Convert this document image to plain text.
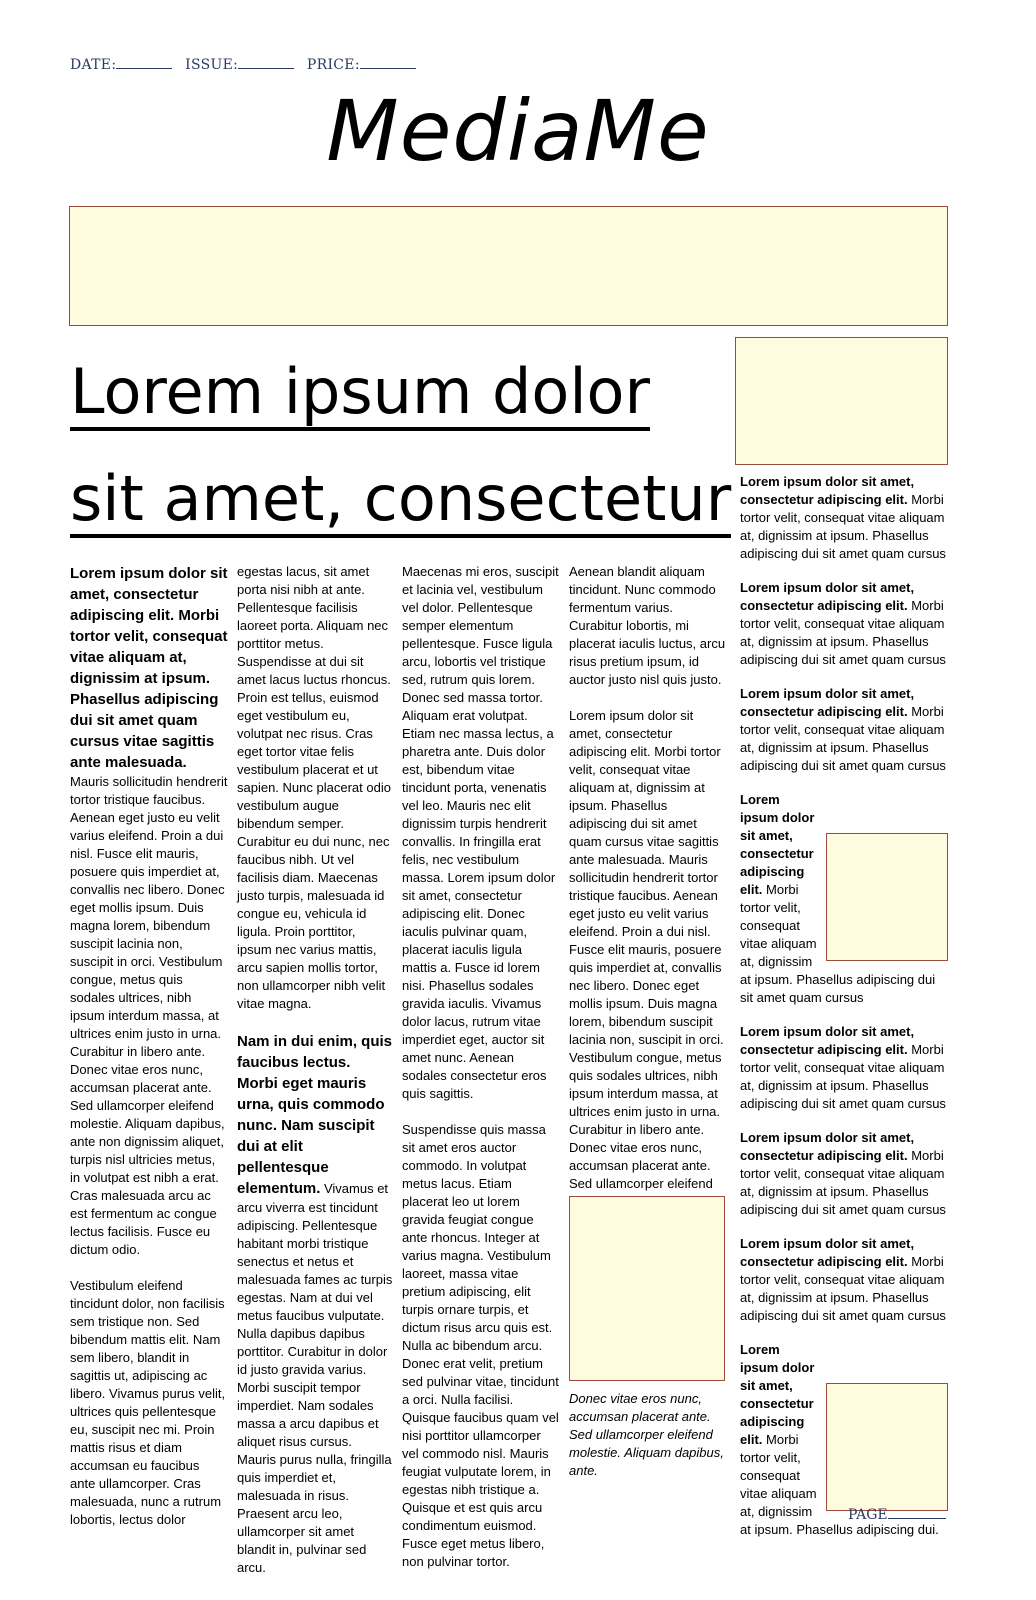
DATE:	ISSUE:	PRICE:
MediaMe
Lorem ipsum dolor
sit amet, consectetur

Lorem ipsum dolor sit amet, consectetur adipiscing elit. Morbi tortor velit, consequat vitae aliquam at, dignissim at ipsum. Phasellus adipiscing dui sit amet quam cursus vitae sagittis ante malesuada. Mauris sollicitudin hendrerit tortor tristique faucibus. Aenean eget justo eu velit varius eleifend. Proin a dui nisl. Fusce elit mauris, posuere quis imperdiet at, convallis nec libero. Donec eget mollis ipsum. Duis magna lorem, bibendum suscipit lacinia non, suscipit in orci. Vestibulum congue, metus quis sodales ultrices, nibh ipsum interdum massa, at ultrices enim justo in urna. Curabitur in libero ante. Donec vitae eros nunc, accumsan placerat ante. Sed ullamcorper eleifend molestie. Aliquam dapibus, ante non dignissim aliquet, turpis nisl ultricies metus, in volutpat est nibh a erat. Cras malesuada arcu ac est fermentum ac congue lectus facilisis. Fusce eu dictum odio.

Vestibulum eleifend tincidunt dolor, non facilisis sem tristique non. Sed bibendum mattis elit. Nam sem libero, blandit in sagittis ut, adipiscing ac libero. Vivamus purus velit, ultrices quis pellentesque eu, suscipit nec mi. Proin mattis risus et diam accumsan eu faucibus ante ullamcorper. Cras malesuada, nunc a rutrum lobortis, lectus dolor

egestas lacus, sit amet porta nisi nibh at ante. Pellentesque facilisis laoreet porta. Aliquam nec porttitor metus. Suspendisse at dui sit amet lacus luctus rhoncus. Proin est tellus, euismod eget vestibulum eu, volutpat nec risus. Cras eget tortor vitae felis vestibulum placerat et ut sapien. Nunc placerat odio vestibulum augue bibendum semper. Curabitur eu dui nunc, nec faucibus nibh. Ut vel facilisis diam. Maecenas justo turpis, malesuada id congue eu, vehicula id ligula. Proin porttitor, ipsum nec varius mattis, arcu sapien mollis tortor, non ullamcorper nibh velit vitae magna.

Nam in dui enim, quis faucibus lectus. Morbi eget mauris urna, quis commodo nunc. Nam suscipit dui at elit pellentesque elementum. Vivamus et arcu viverra est tincidunt adipiscing. Pellentesque habitant morbi tristique senectus et netus et malesuada fames ac turpis egestas. Nam at dui vel metus faucibus vulputate. Nulla dapibus dapibus porttitor. Curabitur in dolor id justo gravida varius. Morbi suscipit tempor imperdiet. Nam sodales massa a arcu dapibus et aliquet risus cursus. Mauris purus nulla, fringilla quis imperdiet et, malesuada in risus. Praesent arcu leo, ullamcorper sit amet blandit in, pulvinar sed arcu.

Maecenas mi eros, suscipit et lacinia vel, vestibulum vel dolor. Pellentesque semper elementum pellentesque. Fusce ligula arcu, lobortis vel tristique sed, rutrum quis lorem. Donec sed massa tortor. Aliquam erat volutpat. Etiam nec massa lectus, a pharetra ante. Duis dolor est, bibendum vitae tincidunt porta, venenatis vel leo. Mauris nec elit dignissim turpis hendrerit convallis. In fringilla erat felis, nec vestibulum massa. Lorem ipsum dolor sit amet, consectetur adipiscing elit. Donec iaculis pulvinar quam, placerat iaculis ligula mattis a. Fusce id lorem nisi. Phasellus sodales gravida iaculis. Vivamus dolor lacus, rutrum vitae imperdiet eget, auctor sit amet nunc. Aenean sodales consectetur eros quis sagittis.

Suspendisse quis massa sit amet eros auctor commodo. In volutpat metus lacus. Etiam placerat leo ut lorem gravida feugiat congue ante rhoncus. Integer at varius magna. Vestibulum laoreet, massa vitae pretium adipiscing, elit turpis ornare turpis, et dictum risus arcu quis est. Nulla ac bibendum arcu. Donec erat velit, pretium sed pulvinar vitae, tincidunt a orci. Nulla facilisi. Quisque faucibus quam vel nisi porttitor ullamcorper vel commodo nisl. Mauris feugiat vulputate lorem, in egestas nibh tristique a. Quisque et est quis arcu condimentum euismod. Fusce eget metus libero, non pulvinar tortor.

Aenean blandit aliquam tincidunt. Nunc commodo fermentum varius. Curabitur lobortis, mi placerat iaculis luctus, arcu risus pretium ipsum, id auctor justo nisl quis justo.

Lorem ipsum dolor sit amet, consectetur adipiscing elit. Morbi tortor velit, consequat vitae aliquam at, dignissim at ipsum. Phasellus adipiscing dui sit amet quam cursus vitae sagittis ante malesuada. Mauris sollicitudin hendrerit tortor tristique faucibus. Aenean eget justo eu velit varius eleifend. Proin a dui nisl. Fusce elit mauris, posuere quis imperdiet at, convallis nec libero. Donec eget mollis ipsum. Duis magna lorem, bibendum suscipit lacinia non, suscipit in orci. Vestibulum congue, metus quis sodales ultrices, nibh ipsum interdum massa, at ultrices enim justo in urna. Curabitur in libero ante. Donec vitae eros nunc, accumsan placerat ante. Sed ullamcorper eleifend

Donec vitae eros nunc, accumsan placerat ante. Sed ullamcorper eleifend molestie. Aliquam dapibus, ante.
Lorem ipsum dolor sit amet, consectetur adipiscing elit. Morbi tortor velit, consequat vitae aliquam at, dignissim at ipsum. Phasellus adipiscing dui sit amet quam cursus
Lorem ipsum dolor sit amet, consectetur adipiscing elit. Morbi tortor velit, consequat vitae aliquam at, dignissim at ipsum. Phasellus adipiscing dui sit amet quam cursus
Lorem ipsum dolor sit amet, consectetur adipiscing elit. Morbi tortor velit, consequat vitae aliquam at, dignissim at ipsum. Phasellus adipiscing dui sit amet quam cursus
Lorem ipsum dolor sit amet, consectetur adipiscing elit. Morbi tortor velit, consequat vitae aliquam at, dignissim at ipsum. Phasellus adipiscing dui sit amet quam cursus
Lorem ipsum dolor sit amet, consectetur adipiscing elit. Morbi tortor velit, consequat vitae aliquam at, dignissim at ipsum. Phasellus adipiscing dui sit amet quam cursus
Lorem ipsum dolor sit amet, consectetur adipiscing elit. Morbi tortor velit, consequat vitae aliquam at, dignissim at ipsum. Phasellus adipiscing dui sit amet quam cursus
Lorem ipsum dolor sit amet, consectetur adipiscing elit. Morbi tortor velit, consequat vitae aliquam at, dignissim at ipsum. Phasellus adipiscing dui sit amet quam cursus
Lorem ipsum dolor sit amet, consectetur adipiscing elit. Morbi tortor velit, consequat vitae aliquam at, dignissim at ipsum. Phasellus adipiscing dui.
PAGE
